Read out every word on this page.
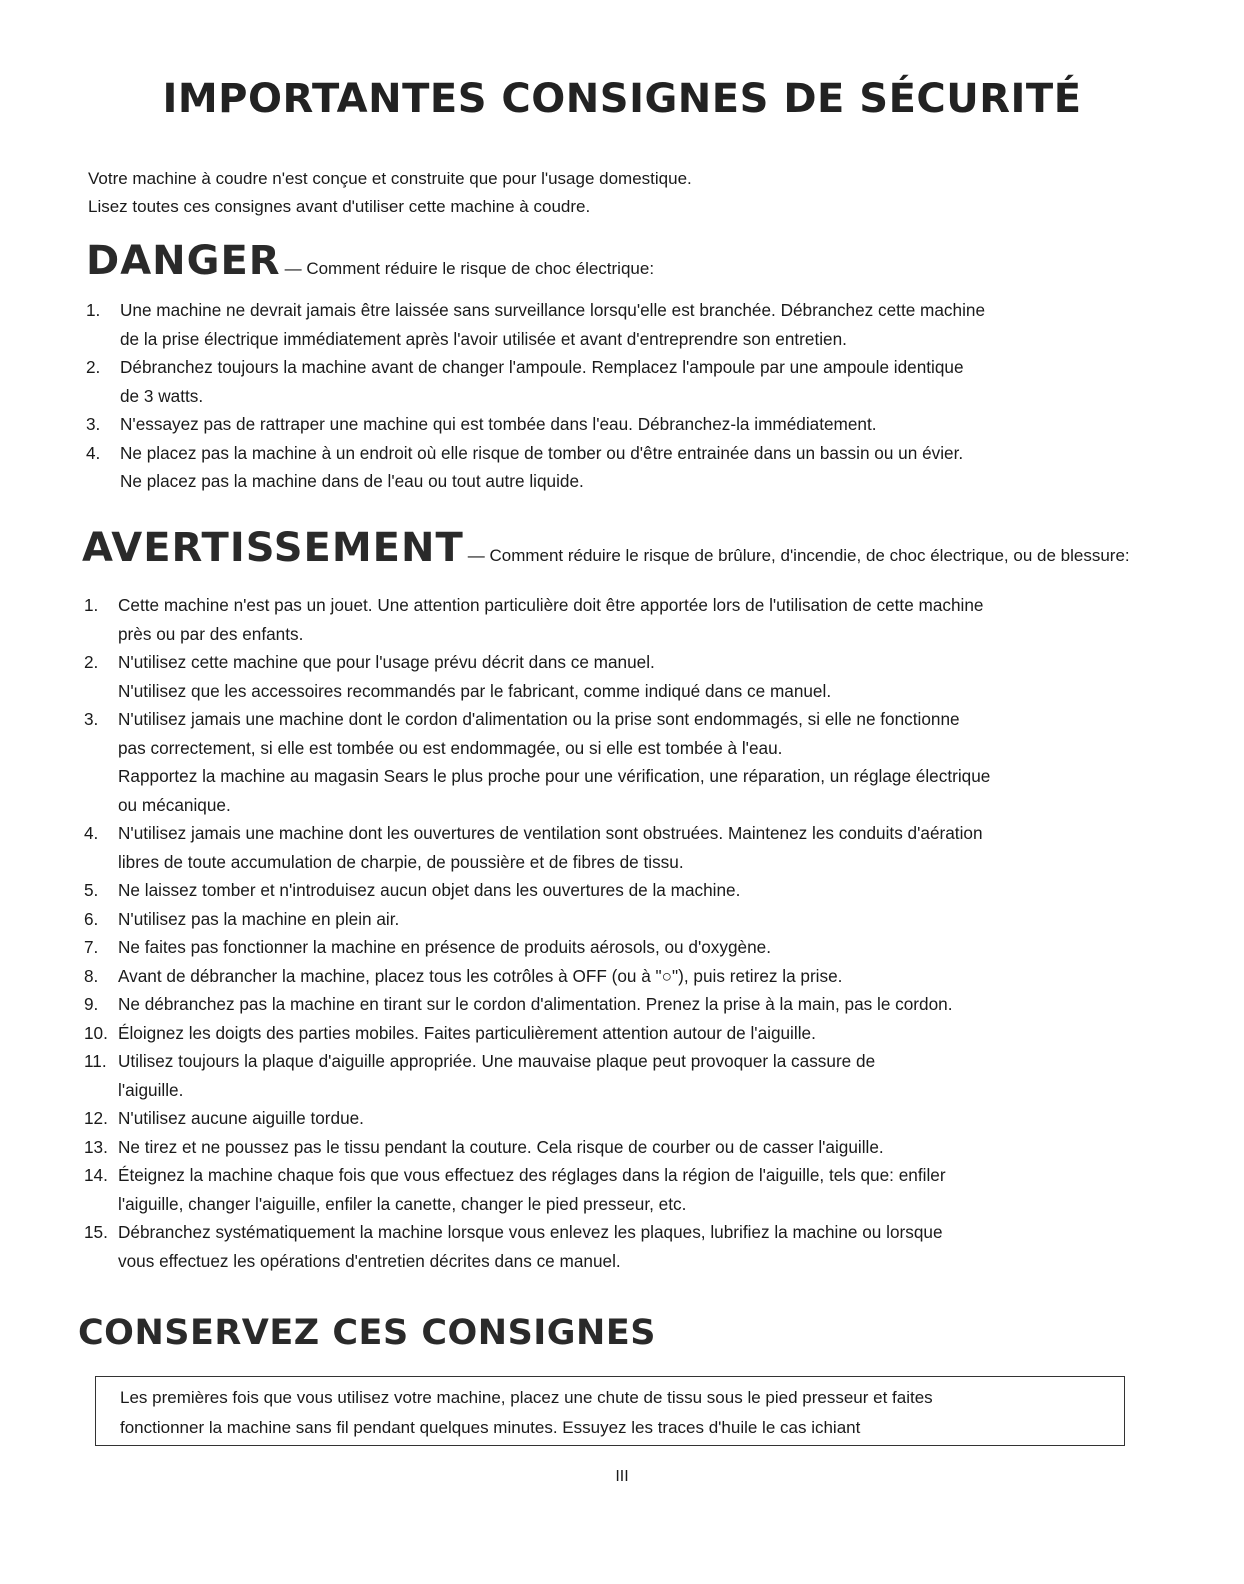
IMPORTANTES CONSIGNES DE SÉCURITÉ

Votre machine à coudre n'est conçue et construite que pour l'usage domestique.

Lisez toutes ces consignes avant d'utiliser cette machine à coudre.

DANGER — Comment réduire le risque de choc électrique:
1. Une machine ne devrait jamais être laissée sans surveillance lorsqu'elle est branchée. Débranchez cette machine
de la prise électrique immédiatement après l'avoir utilisée et avant d'entreprendre son entretien.
2. Débranchez toujours la machine avant de changer l'ampoule. Remplacez l'ampoule par une ampoule identique
de 3 watts.
3. N'essayez pas de rattraper une machine qui est tombée dans l'eau. Débranchez-la immédiatement.
4. Ne placez pas la machine à un endroit où elle risque de tomber ou d'être entrainée dans un bassin ou un évier.
Ne placez pas la machine dans de l'eau ou tout autre liquide.
AVERTISSEMENT — Comment réduire le risque de brûlure, d'incendie, de choc électrique, ou de blessure:
1. Cette machine n'est pas un jouet. Une attention particulière doit être apportée lors de l'utilisation de cette machine
près ou par des enfants.
2. N'utilisez cette machine que pour l'usage prévu décrit dans ce manuel.
N'utilisez que les accessoires recommandés par le fabricant, comme indiqué dans ce manuel.
3. N'utilisez jamais une machine dont le cordon d'alimentation ou la prise sont endommagés, si elle ne fonctionne
pas correctement, si elle est tombée ou est endommagée, ou si elle est tombée à l'eau.
Rapportez la machine au magasin Sears le plus proche pour une vérification, une réparation, un réglage électrique
ou mécanique.
4. N'utilisez jamais une machine dont les ouvertures de ventilation sont obstruées. Maintenez les conduits d'aération
libres de toute accumulation de charpie, de poussière et de fibres de tissu.
5. Ne laissez tomber et n'introduisez aucun objet dans les ouvertures de la machine.
6. N'utilisez pas la machine en plein air.
7. Ne faites pas fonctionner la machine en présence de produits aérosols, ou d'oxygène.
8. Avant de débrancher la machine, placez tous les cotrôles à OFF (ou à "○"), puis retirez la prise.
9. Ne débranchez pas la machine en tirant sur le cordon d'alimentation. Prenez la prise à la main, pas le cordon.
10. Éloignez les doigts des parties mobiles. Faites particulièrement attention autour de l'aiguille.
11. Utilisez toujours la plaque d'aiguille appropriée. Une mauvaise plaque peut provoquer la cassure de
l'aiguille.
12. N'utilisez aucune aiguille tordue.
13. Ne tirez et ne poussez pas le tissu pendant la couture. Cela risque de courber ou de casser l'aiguille.
14. Éteignez la machine chaque fois que vous effectuez des réglages dans la région de l'aiguille, tels que: enfiler
l'aiguille, changer l'aiguille, enfiler la canette, changer le pied presseur, etc.
15. Débranchez systématiquement la machine lorsque vous enlevez les plaques, lubrifiez la machine ou lorsque
vous effectuez les opérations d'entretien décrites dans ce manuel.
CONSERVEZ CES CONSIGNES

Les premières fois que vous utilisez votre machine, placez une chute de tissu sous le pied presseur et faites

fonctionner la machine sans fil pendant quelques minutes. Essuyez les traces d'huile le cas ichiant

III
